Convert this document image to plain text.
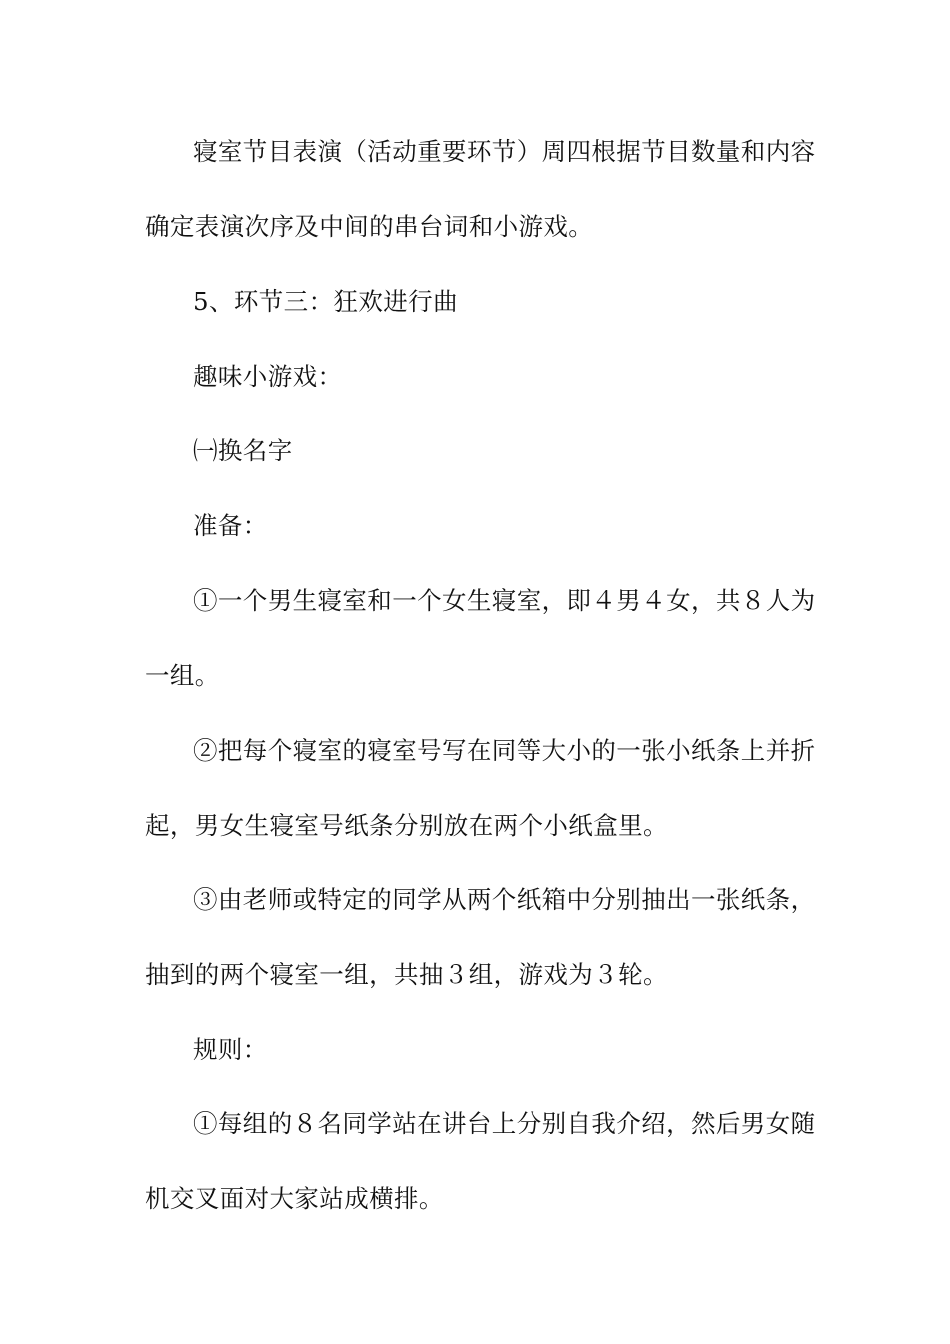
寝室节目表演（活动重要环节）周四根据节目数量和内容
确定表演次序及中间的串台词和小游戏。
5、环节三：狂欢进行曲
趣味小游戏：
㈠换名字
准备：
①一个男生寝室和一个女生寝室，即４男４女，共８人为
一组。
②把每个寝室的寝室号写在同等大小的一张小纸条上并折
起，男女生寝室号纸条分别放在两个小纸盒里。
③由老师或特定的同学从两个纸箱中分别抽出一张纸条，
抽到的两个寝室一组，共抽３组，游戏为３轮。
规则：
①每组的８名同学站在讲台上分别自我介绍，然后男女随
机交叉面对大家站成横排。
